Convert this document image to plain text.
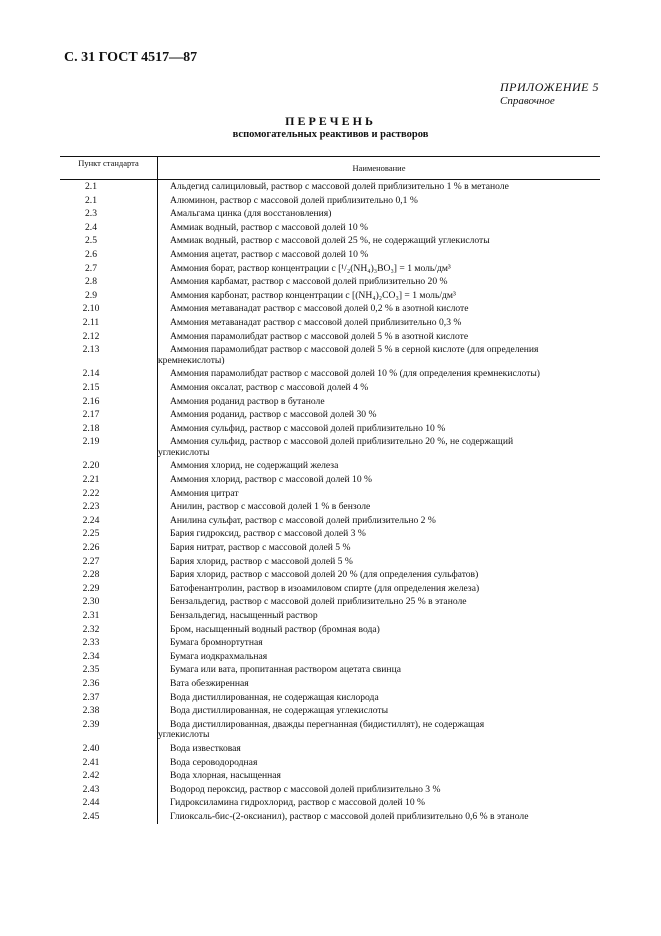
С. 31 ГОСТ 4517—87
ПРИЛОЖЕНИЕ 5
Справочное
ПЕРЕЧЕНЬ
вспомогательных реактивов и растворов
Пункт стандарта	Наименование
2.1	Альдегид салициловый, раствор с массовой долей приблизительно 1 % в метаноле
2.1	Алюминон, раствор с массовой долей приблизительно 0,1 %
2.3	Амальгама цинка (для восстановления)
2.4	Аммиак водный, раствор с массовой долей 10 %
2.5	Аммиак водный, раствор с массовой долей 25 %, не содержащий углекислоты
2.6	Аммония ацетат, раствор с массовой долей 10 %
2.7	Аммония борат, раствор концентрации c [¹/₂(NH₄)₃BO₃] = 1 моль/дм³
2.8	Аммония карбамат, раствор с массовой долей приблизительно 20 %
2.9	Аммония карбонат, раствор концентрации c [(NH₄)₂CO₃] = 1 моль/дм³
2.10	Аммония метаванадат раствор с массовой долей 0,2 % в азотной кислоте
2.11	Аммония метаванадат раствор с массовой долей приблизительно 0,3 %
2.12	Аммония парамолибдат раствор с массовой долей 5 % в азотной кислоте
2.13	Аммония парамолибдат раствор с массовой долей 5 % в серной кислоте (для определения
кремнекислоты)
2.14	Аммония парамолибдат раствор с массовой долей 10 % (для определения кремнекислоты)
2.15	Аммония оксалат, раствор с массовой долей 4 %
2.16	Аммония роданид раствор в бутаноле
2.17	Аммония роданид, раствор с массовой долей 30 %
2.18	Аммония сульфид, раствор с массовой долей приблизительно 10 %
2.19	Аммония сульфид, раствор с массовой долей приблизительно 20 %, не содержащий
углекислоты
2.20	Аммония хлорид, не содержащий железа
2.21	Аммония хлорид, раствор с массовой долей 10 %
2.22	Аммония цитрат
2.23	Анилин, раствор с массовой долей 1 % в бензоле
2.24	Анилина сульфат, раствор с массовой долей приблизительно 2 %
2.25	Бария гидроксид, раствор с массовой долей 3 %
2.26	Бария нитрат, раствор с массовой долей 5 %
2.27	Бария хлорид, раствор с массовой долей 5 %
2.28	Бария хлорид, раствор с массовой долей 20 % (для определения сульфатов)
2.29	Батофенантролин, раствор в изоамиловом спирте (для определения железа)
2.30	Бензальдегид, раствор с массовой долей приблизительно 25 % в этаноле
2.31	Бензальдегид, насыщенный раствор
2.32	Бром, насыщенный водный раствор (бромная вода)
2.33	Бумага бромнортутная
2.34	Бумага иодкрахмальная
2.35	Бумага или вата, пропитанная раствором ацетата свинца
2.36	Вата обезжиренная
2.37	Вода дистиллированная, не содержащая кислорода
2.38	Вода дистиллированная, не содержащая углекислоты
2.39	Вода дистиллированная, дважды перегнанная (бидистиллят), не содержащая
углекислоты
2.40	Вода известковая
2.41	Вода сероводородная
2.42	Вода хлорная, насыщенная
2.43	Водород пероксид, раствор с массовой долей приблизительно 3 %
2.44	Гидроксиламина гидрохлорид, раствор с массовой долей 10 %
2.45	Глиоксаль-бис-(2-оксианил), раствор с массовой долей приблизительно 0,6 % в этаноле
